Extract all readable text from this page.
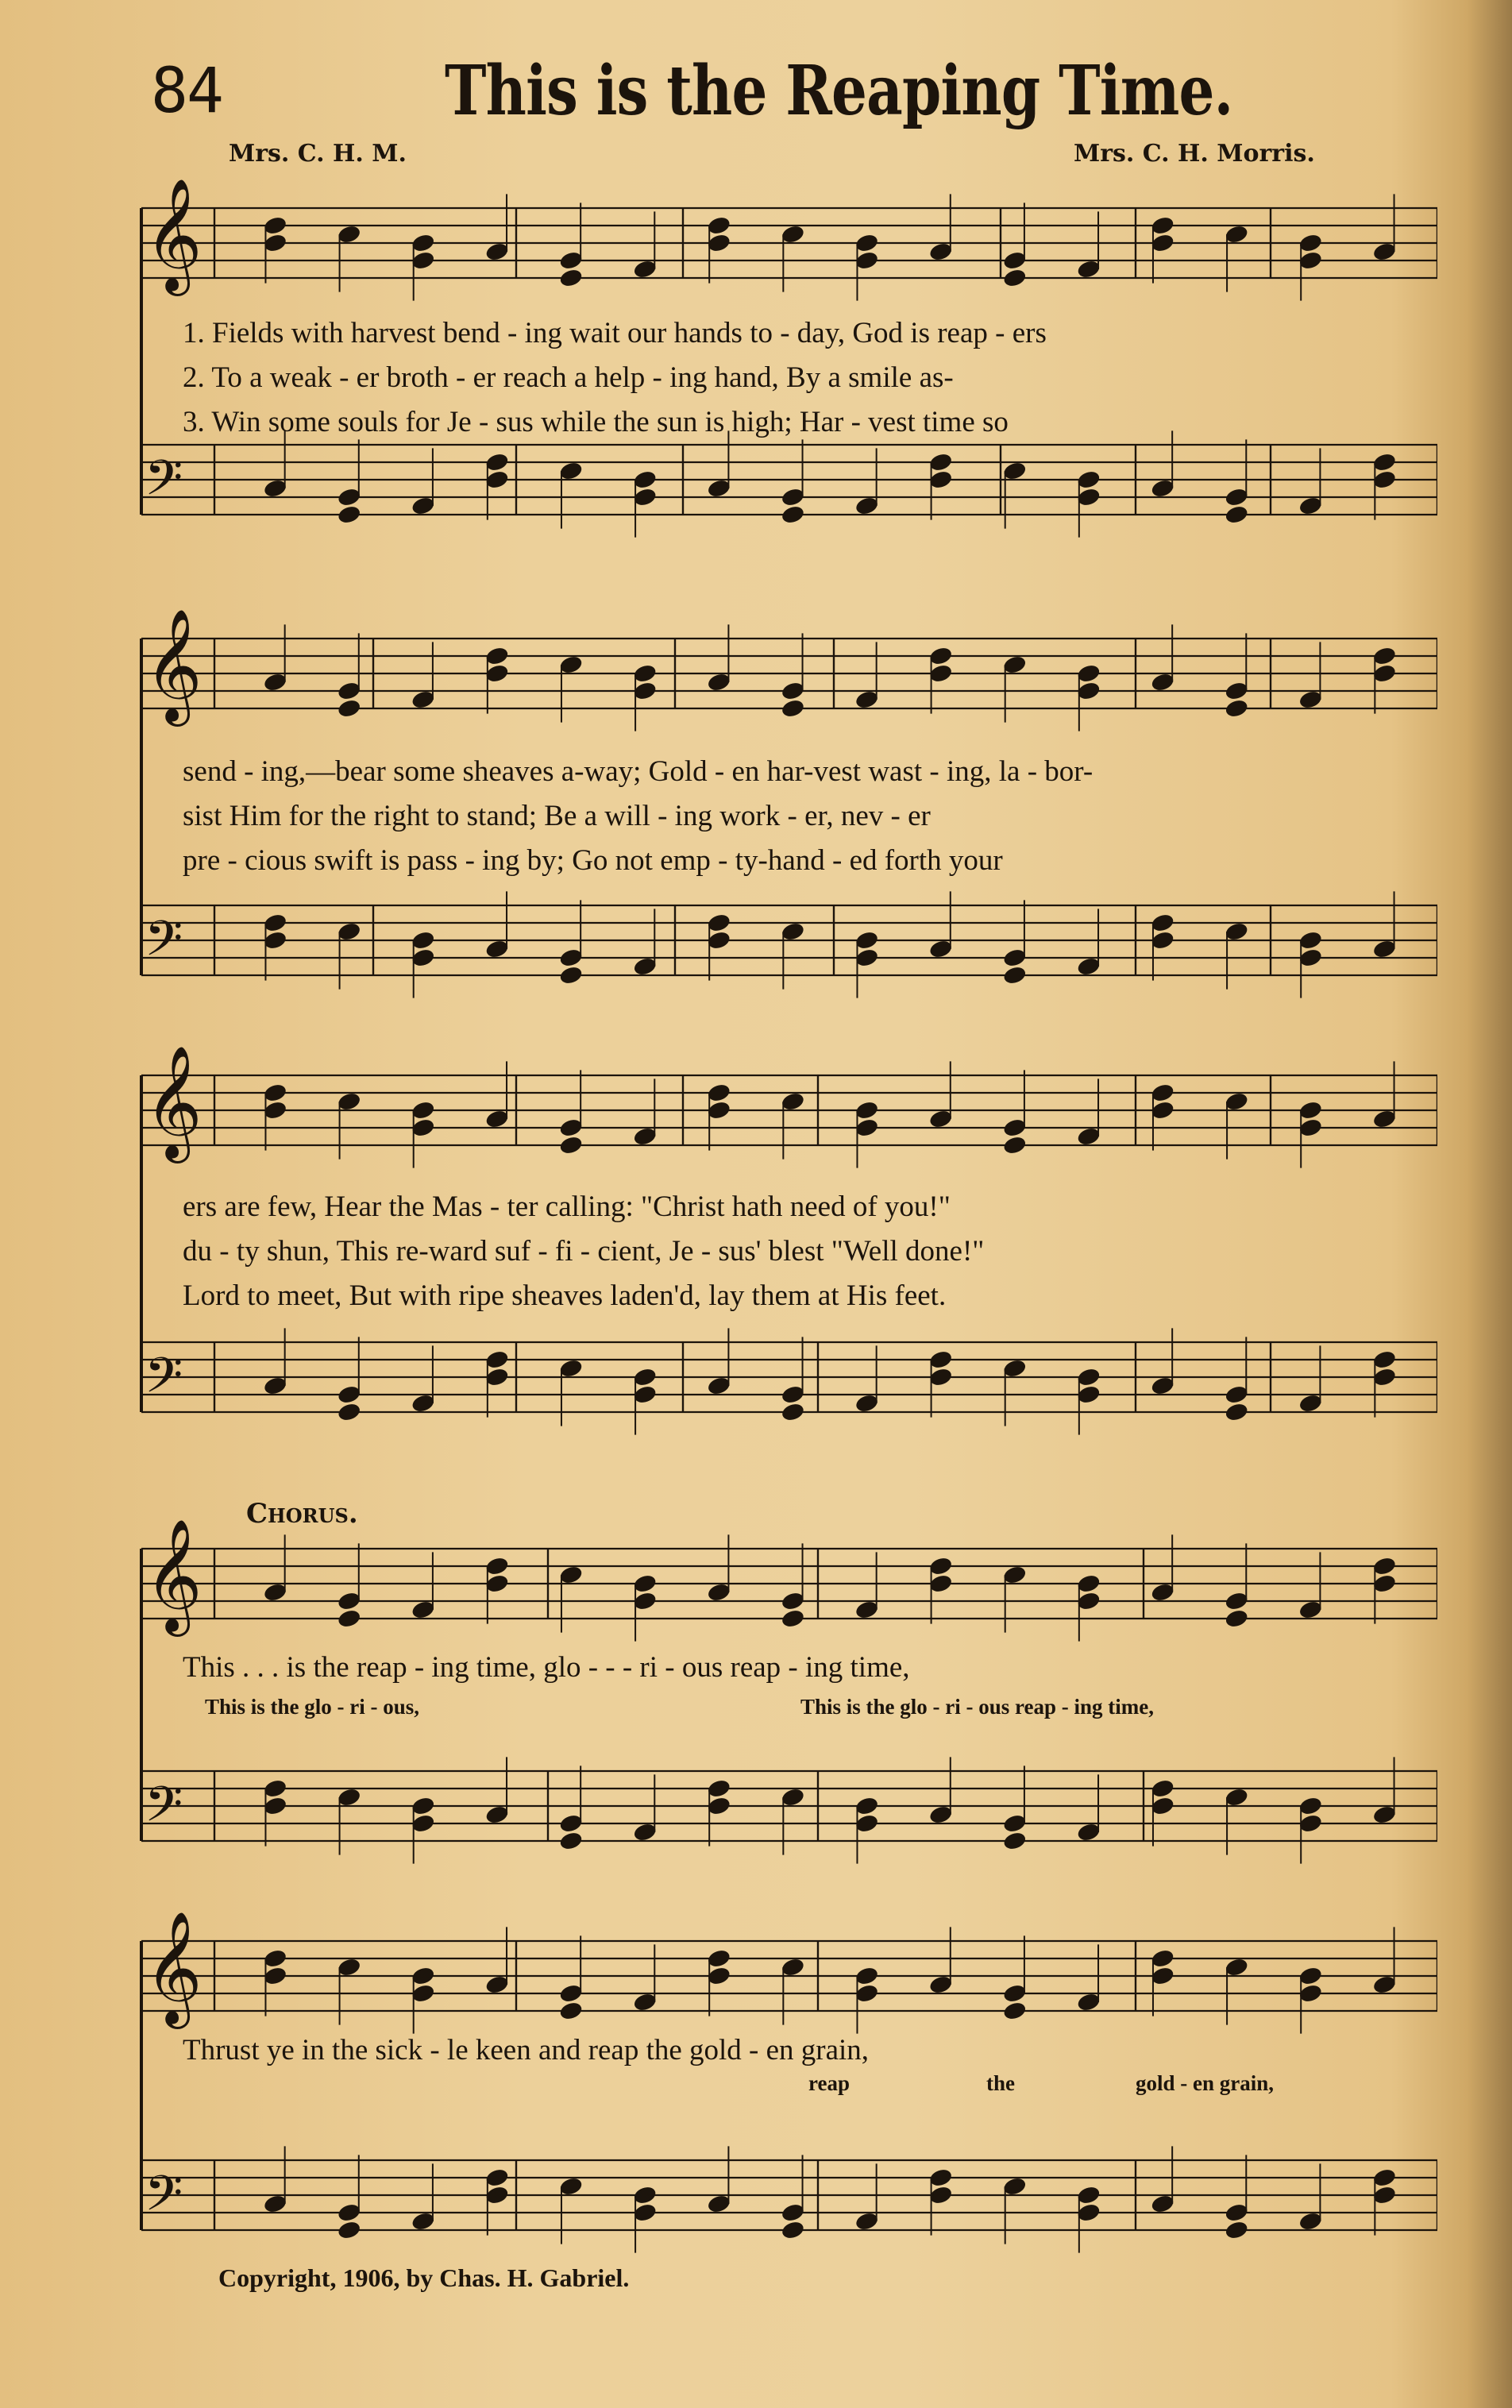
84	This is the Reaping Time.
Mrs. C. H. M.	Mrs. C. H. Morris.
𝄞
𝄢
1. Fields with harvest bend - ing wait our hands to - day, God is reap - ers
2. To a weak - er broth - er reach a help - ing hand, By a smile as-
3. Win some souls for Je - sus while the sun is high; Har - vest time so
𝄞
𝄢
send - ing,—bear some sheaves a-way; Gold - en har-vest wast - ing, la - bor-
sist Him for the right to stand; Be a will - ing work - er, nev - er
pre - cious swift is pass - ing by; Go not emp - ty-hand - ed forth your
𝄞
𝄢
ers are few, Hear the Mas - ter calling: "Christ hath need of you!"
du - ty shun, This re-ward suf - fi - cient, Je - sus' blest "Well done!"
Lord to meet, But with ripe sheaves laden'd, lay them at His feet.
Chorus.
𝄞
𝄢
This . . . is the reap - ing time, glo - - - ri - ous reap - ing time,
This is the glo - ri - ous,	This is the glo - ri - ous reap - ing time,
𝄞
𝄢
Thrust ye in the sick - le keen and reap the gold - en grain,
reap	the	gold - en grain,
Copyright, 1906, by Chas. H. Gabriel.
